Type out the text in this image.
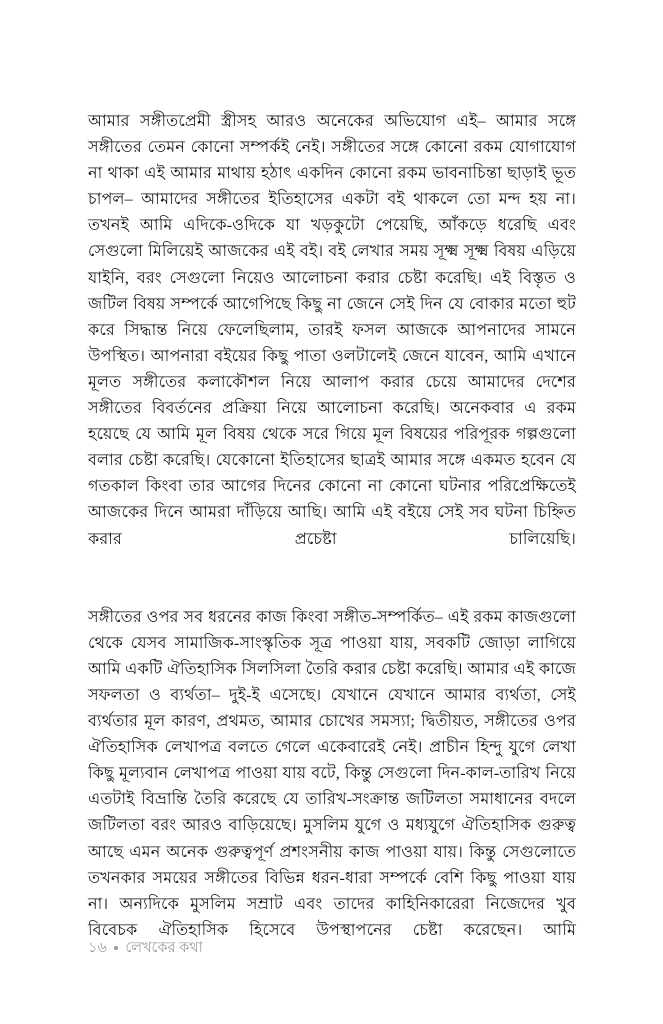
আমার সঙ্গীতপ্রেমী স্ত্রীসহ আরও অনেকের অভিযোগ এই– আমার সঙ্গে সঙ্গীতের তেমন কোনো সম্পর্কই নেই। সঙ্গীতের সঙ্গে কোনো রকম যোগাযোগ না থাকা এই আমার মাথায় হঠাৎ একদিন কোনো রকম ভাবনাচিন্তা ছাড়াই ভূত চাপল– আমাদের সঙ্গীতের ইতিহাসের একটা বই থাকলে তো মন্দ হয় না। তখনই আমি এদিকে-ওদিকে যা খড়কুটো পেয়েছি, আঁকড়ে ধরেছি এবং সেগুলো মিলিয়েই আজকের এই বই। বই লেখার সময় সূক্ষ্ম সূক্ষ্ম বিষয় এড়িয়ে যাইনি, বরং সেগুলো নিয়েও আলোচনা করার চেষ্টা করেছি। এই বিস্তৃত ও জটিল বিষয় সম্পর্কে আগেপিছে কিছু না জেনে সেই দিন যে বোকার মতো হুট করে সিদ্ধান্ত নিয়ে ফেলেছিলাম, তারই ফসল আজকে আপনাদের সামনে উপস্থিত। আপনারা বইয়ের কিছু পাতা ওলটালেই জেনে যাবেন, আমি এখানে মূলত সঙ্গীতের কলাকৌশল নিয়ে আলাপ করার চেয়ে আমাদের দেশের সঙ্গীতের বিবর্তনের প্রক্রিয়া নিয়ে আলোচনা করেছি। অনেকবার এ রকম হয়েছে যে আমি মূল বিষয় থেকে সরে গিয়ে মূল বিষয়ের পরিপূরক গল্পগুলো বলার চেষ্টা করেছি। যেকোনো ইতিহাসের ছাত্রই আমার সঙ্গে একমত হবেন যে গতকাল কিংবা তার আগের দিনের কোনো না কোনো ঘটনার পরিপ্রেক্ষিতেই আজকের দিনে আমরা দাঁড়িয়ে আছি। আমি এই বইয়ে সেই সব ঘটনা চিহ্নিত করার প্রচেষ্টা চালিয়েছি।

সঙ্গীতের ওপর সব ধরনের কাজ কিংবা সঙ্গীত-সম্পর্কিত– এই রকম কাজগুলো থেকে যেসব সামাজিক-সাংস্কৃতিক সূত্র পাওয়া যায়, সবকটি জোড়া লাগিয়ে আমি একটি ঐতিহাসিক সিলসিলা তৈরি করার চেষ্টা করেছি। আমার এই কাজে সফলতা ও ব্যর্থতা– দুই-ই এসেছে। যেখানে যেখানে আমার ব্যর্থতা, সেই ব্যর্থতার মূল কারণ, প্রথমত, আমার চোখের সমস্যা; দ্বিতীয়ত, সঙ্গীতের ওপর ঐতিহাসিক লেখাপত্র বলতে গেলে একেবারেই নেই। প্রাচীন হিন্দু যুগে লেখা কিছু মূল্যবান লেখাপত্র পাওয়া যায় বটে, কিন্তু সেগুলো দিন-কাল-তারিখ নিয়ে এতটাই বিভ্রান্তি তৈরি করেছে যে তারিখ-সংক্রান্ত জটিলতা সমাধানের বদলে জটিলতা বরং আরও বাড়িয়েছে। মুসলিম যুগে ও মধ্যযুগে ঐতিহাসিক গুরুত্ব আছে এমন অনেক গুরুত্বপূর্ণ প্রশংসনীয় কাজ পাওয়া যায়। কিন্তু সেগুলোতে তখনকার সময়ের সঙ্গীতের বিভিন্ন ধরন-ধারা সম্পর্কে বেশি কিছু পাওয়া যায় না। অন্যদিকে মুসলিম সম্রাট এবং তাদের কাহিনিকারেরা নিজেদের খুব বিবেচক ঐতিহাসিক হিসেবে উপস্থাপনের চেষ্টা করেছেন। আমি

১৬ লেখকের কথা
